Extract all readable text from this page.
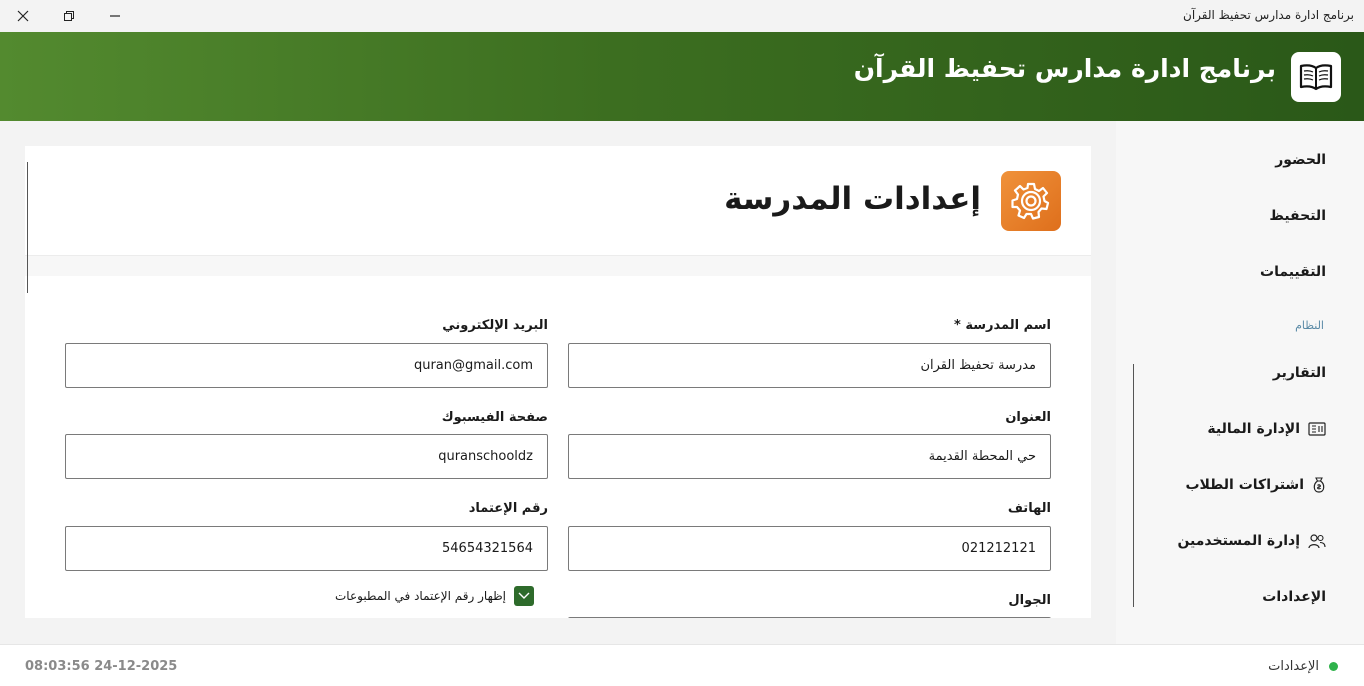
برنامج ادارة مدارس تحفيظ القرآن
برنامج ادارة مدارس تحفيظ القرآن
الحضور
التحفيظ
التقييمات
النظام
التقارير
الإدارة المالية
اشتراكات الطلاب
إدارة المستخدمين
الإعدادات
إعدادات المدرسة
اسم المدرسة *
مدرسة تحفيظ القرآن
البريد الإلكتروني
quran@gmail.com
العنوان
حي المحطة القديمة
صفحة الفيسبوك
quranschooldz
الهاتف
021212121
رقم الإعتماد
54654321564
إظهار رقم الإعتماد في المطبوعات	الجوال
08:03:56 24-12-2025	الإعدادات
